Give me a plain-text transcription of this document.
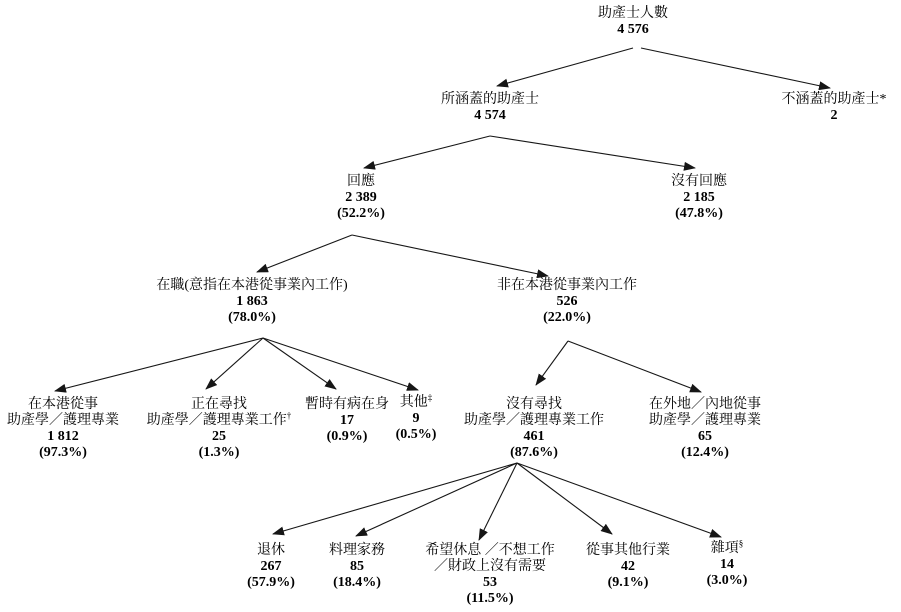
助產士人數
4 576
所涵蓋的助產士
4 574
不涵蓋的助產士*
2
回應
2 389
(52.2%)
沒有回應
2 185
(47.8%)
在職(意指在本港從事業內工作)
1 863
(78.0%)
非在本港從事業內工作
526
(22.0%)
在本港從事
助產學／護理專業
1 812
(97.3%)
正在尋找
助產學／護理專業工作†
25
(1.3%)
暫時有病在身
17
(0.9%)
其他‡
9
(0.5%)
沒有尋找
助產學／護理專業工作
461
(87.6%)
在外地／內地從事
助產學／護理專業
65
(12.4%)
退休
267
(57.9%)
料理家務
85
(18.4%)
希望休息 ／不想工作
／財政上沒有需要
53
(11.5%)
從事其他行業
42
(9.1%)
雜項§
14
(3.0%)
